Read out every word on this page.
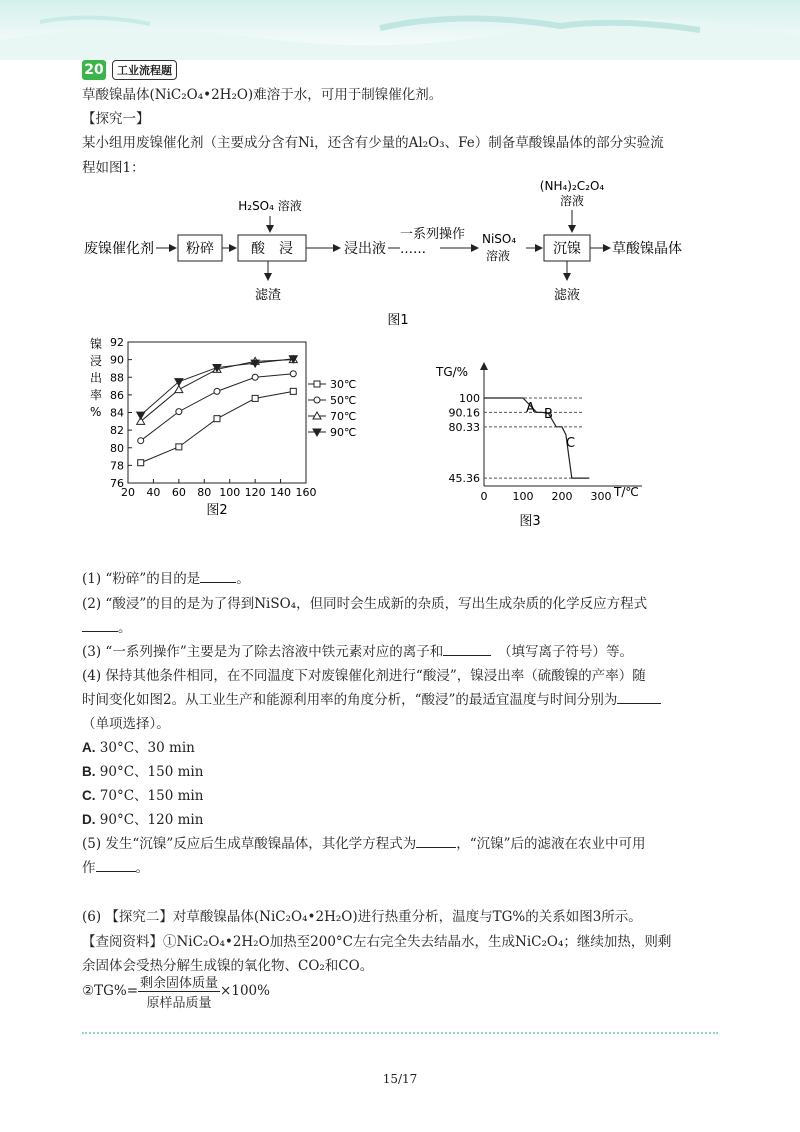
20	工业流程题
草酸镍晶体(NiC₂O₄•2H₂O)难溶于水，可用于制镍催化剂。
【探究一】
某小组用废镍催化剂（主要成分含有Ni，还含有少量的Al₂O₃、Fe）制备草酸镍晶体的部分实验流
程如图1：
废镍催化剂 粉碎
H₂SO₄ 溶液
酸　浸
滤渣
浸出液
一系列操作
……
NiSO₄
溶液
(NH₄)₂C₂O₄
溶液
沉镍 草酸镍晶体
滤液
图1
镍
浸
出
率
%
76
78
80
82
84
86
88
90
92
20 40 60 80 100 120 140 160
30℃
50℃
70℃
90℃
图2
TG/%
T/℃
0 100 200 300
100
90.16
80.33
45.36
A B
C
图3
(1) “粉碎”的目的是	。
(2) “酸浸”的目的是为了得到NiSO₄，但同时会生成新的杂质，写出生成杂质的化学反应方程式
。
(3) “一系列操作”主要是为了除去溶液中铁元素对应的离子和　	（填写离子符号）等。
(4) 保持其他条件相同，在不同温度下对废镍催化剂进行“酸浸”，镍浸出率（硫酸镍的产率）随
时间变化如图2。从工业生产和能源利用率的角度分析，“酸浸”的最适宜温度与时间分别为
（单项选择）。
A. 30°C、30 min
B. 90°C、150 min
C. 70°C、150 min
D. 90°C、120 min
(5) 发生“沉镍”反应后生成草酸镍晶体，其化学方程式为	，“沉镍”后的滤液在农业中可用
作	。
(6) 【探究二】对草酸镍晶体(NiC₂O₄•2H₂O)进行热重分析，温度与TG%的关系如图3所示。
【查阅资料】①NiC₂O₄•2H₂O加热至200°C左右完全失去结晶水，生成NiC₂O₄；继续加热，则剩
余固体会受热分解生成镍的氧化物、CO₂和CO。
②TG%= $\frac{\text{剩余固体质量}}{\text{原样品质量}} \times 100\%$
15/17
